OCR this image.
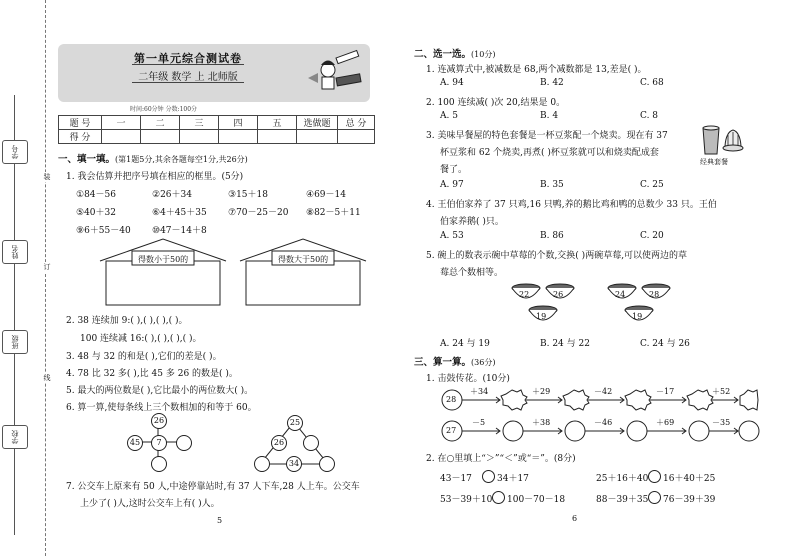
学号
姓名
班级
学校
装
订
线
第一单元综合测试卷
二年级 数学 上 北师版
时间:60分钟 分数:100分
题 号	一	二	三	四	五	选做题	总 分
得 分							
一、填一填。(第1题5分,其余各题每空1分,共26分)
1. 我会估算并把序号填在相应的框里。(5分)
①84－56	②26＋34	③15＋18	④69－14
⑤40＋32	⑥4＋45＋35 ⑦70－25－20 ⑧82－5＋11
⑨6＋55－40 ⑩47－14＋8
得数小于50的	得数大于50的
2. 38 连续加 9:( ),( ),( ),( )。
100 连续减 16:( ),( ),( ),( )。
3. 48 与 32 的和是( ),它们的差是( )。
4. 78 比 32 多( ),比 45 多 26 的数是( )。
5. 最大的两位数是( ),它比最小的两位数大( )。
6. 算一算,使每条线上三个数相加的和等于 60。
26
45	7
25
26
34
7. 公交车上原来有 50 人,中途停靠站时,有 37 人下车,28 人上车。公交车
上少了( )人,这时公交车上有( )人。
5
二、选一选。(10分)
1. 连减算式中,被减数是 68,两个减数都是 13,差是( )。
A. 94	B. 42	C. 68
2. 100 连续减( )次 20,结果是 0。
A. 5	B. 4	C. 8
3. 美味早餐屋的特色套餐是一杯豆浆配一个烧卖。现在有 37
杯豆浆和 62 个烧卖,再煮( )杯豆浆就可以和烧卖配成套
餐了。
经典套餐
A. 97	B. 35	C. 25
4. 王伯伯家养了 37 只鸡,16 只鸭,养的鹅比鸡和鸭的总数少 33 只。王伯
伯家养鹅( )只。
A. 53	B. 86	C. 20
5. 碗上的数表示碗中草莓的个数,交换( )两碗草莓,可以使两边的草
莓总个数相等。
22	26
19
24	28
19
A. 24 与 19	B. 24 与 22	C. 24 与 26
三、算一算。(36分)
1. 击鼓传花。(10分)
28
＋34	＋29	－42	－17	＋52
27
－5	＋38	－46	＋69	－35
2. 在○里填上“＞”“＜”或“＝”。(8分)
43－17	34＋17	25＋16＋40 16＋40＋25
53－39＋10 100－70－18	88－39＋35 76－39＋39
6
